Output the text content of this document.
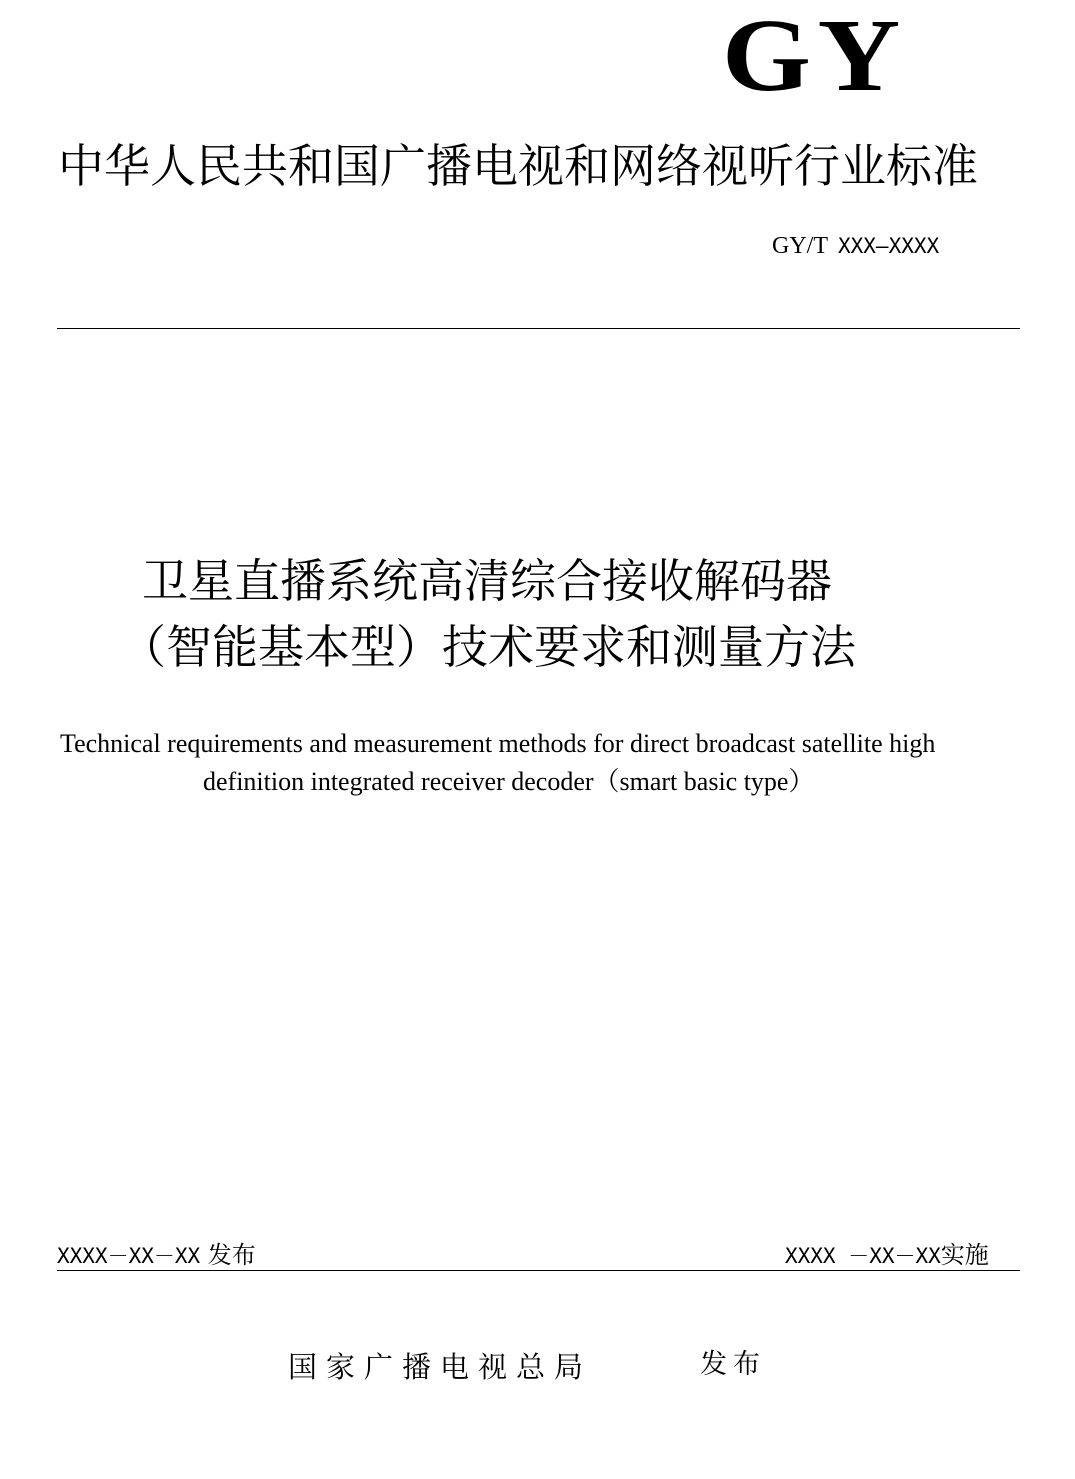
GY
中华人民共和国广播电视和网络视听行业标准
GY/T XXX—XXXX
卫星直播系统高清综合接收解码器
（智能基本型）技术要求和测量方法
Technical requirements and measurement methods for direct broadcast satellite high
definition integrated receiver decoder（smart basic type）
XXXX－XX－XX 发布	XXXX －XX－XX实施
国家广播电视总局	发布
